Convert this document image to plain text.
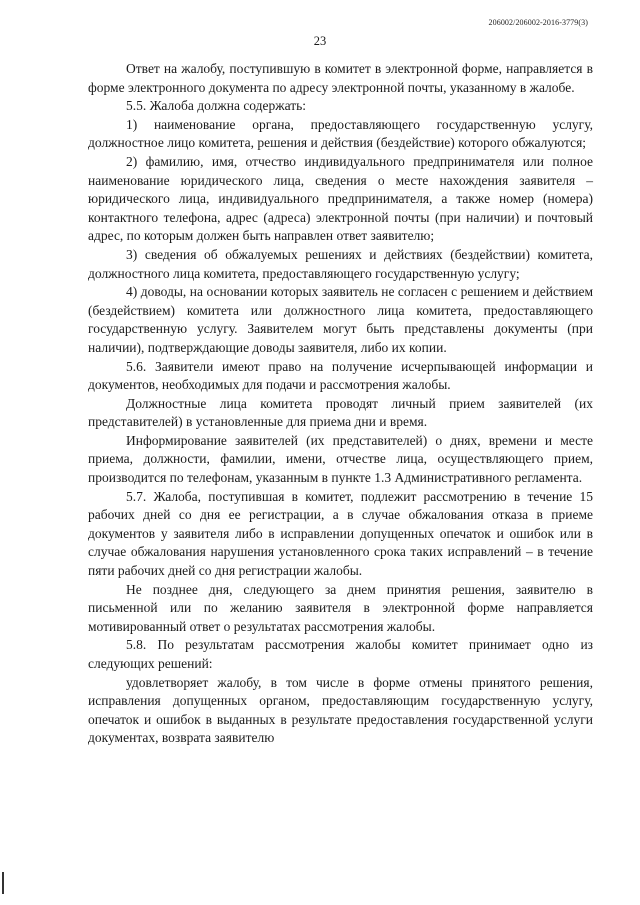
206002/206002-2016-3779(3)
23

Ответ на жалобу, поступившую в комитет в электронной форме, направляется в форме электронного документа по адресу электронной почты, указанному в жалобе.

5.5. Жалоба должна содержать:

1) наименование органа, предоставляющего государственную услугу, должностное лицо комитета, решения и действия (бездействие) которого обжалуются;

2) фамилию, имя, отчество индивидуального предпринимателя или полное наименование юридического лица, сведения о месте нахождения заявителя – юридического лица, индивидуального предпринимателя, а также номер (номера) контактного телефона, адрес (адреса) электронной почты (при наличии) и почтовый адрес, по которым должен быть направлен ответ заявителю;

3) сведения об обжалуемых решениях и действиях (бездействии) комитета, должностного лица комитета, предоставляющего государственную услугу;

4) доводы, на основании которых заявитель не согласен с решением и действием (бездействием) комитета или должностного лица комитета, предоставляющего государственную услугу. Заявителем могут быть представлены документы (при наличии), подтверждающие доводы заявителя, либо их копии.

5.6. Заявители имеют право на получение исчерпывающей информации и документов, необходимых для подачи и рассмотрения жалобы.

Должностные лица комитета проводят личный прием заявителей (их представителей) в установленные для приема дни и время.

Информирование заявителей (их представителей) о днях, времени и месте приема, должности, фамилии, имени, отчестве лица, осуществляющего прием, производится по телефонам, указанным в пункте 1.3 Административного регламента.

5.7. Жалоба, поступившая в комитет, подлежит рассмотрению в течение 15 рабочих дней со дня ее регистрации, а в случае обжалования отказа в приеме документов у заявителя либо в исправлении допущенных опечаток и ошибок или в случае обжалования нарушения установленного срока таких исправлений – в течение пяти рабочих дней со дня регистрации жалобы.

Не позднее дня, следующего за днем принятия решения, заявителю в письменной или по желанию заявителя в электронной форме направляется мотивированный ответ о результатах рассмотрения жалобы.

5.8. По результатам рассмотрения жалобы комитет принимает одно из следующих решений:

удовлетворяет жалобу, в том числе в форме отмены принятого решения, исправления допущенных органом, предоставляющим государственную услугу, опечаток и ошибок в выданных в результате предоставления государственной услуги документах, возврата заявителю
